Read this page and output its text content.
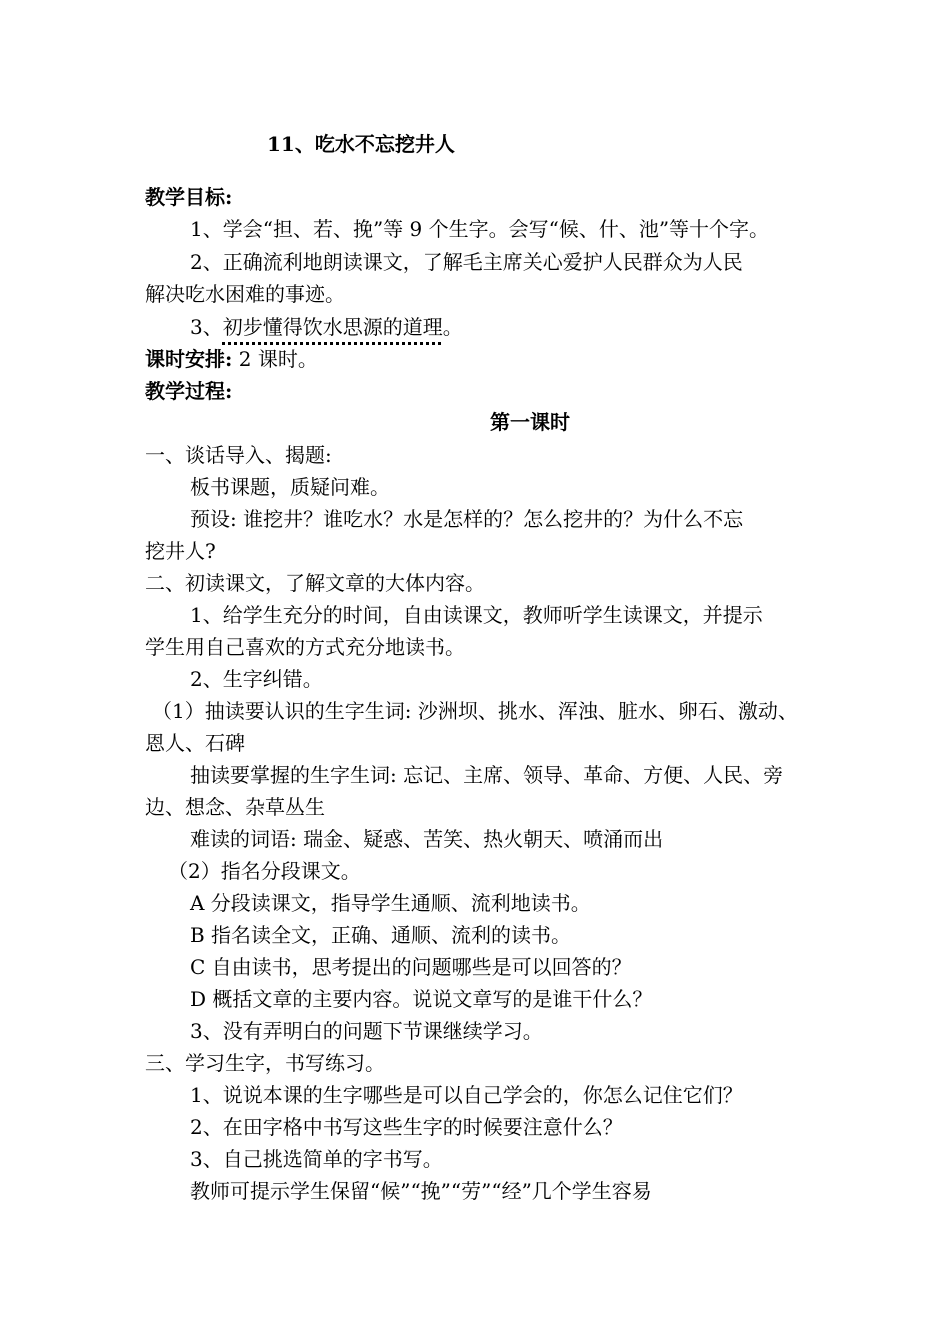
11、吃水不忘挖井人
教学目标:
1、学会“担、若、挽”等 9 个生字。会写“候、什、池”等十个字。
2、正确流利地朗读课文，了解毛主席关心爱护人民群众为人民
解决吃水困难的事迹。
3、初步懂得饮水思源的道理。
课时安排: 2 课时。
教学过程:
第一课时
一、谈话导入、揭题:
板书课题，质疑问难。
预设: 谁挖井？谁吃水？水是怎样的？怎么挖井的？为什么不忘
挖井人?
二、初读课文，了解文章的大体内容。
1、给学生充分的时间，自由读课文，教师听学生读课文，并提示
学生用自己喜欢的方式充分地读书。
2、生字纠错。
（1）抽读要认识的生字生词: 沙洲坝、挑水、浑浊、脏水、卵石、激动、
恩人、石碑
抽读要掌握的生字生词: 忘记、主席、领导、革命、方便、人民、旁
边、想念、杂草丛生
难读的词语: 瑞金、疑惑、苦笑、热火朝天、喷涌而出
（2）指名分段课文。
A 分段读课文，指导学生通顺、流利地读书。
B 指名读全文，正确、通顺、流利的读书。
C 自由读书，思考提出的问题哪些是可以回答的？
D 概括文章的主要内容。说说文章写的是谁干什么？
3、没有弄明白的问题下节课继续学习。
三、学习生字，书写练习。
1、说说本课的生字哪些是可以自己学会的，你怎么记住它们？
2、在田字格中书写这些生字的时候要注意什么？
3、自己挑选简单的字书写。
教师可提示学生保留“候”“挽”“劳”“经”几个学生容易
